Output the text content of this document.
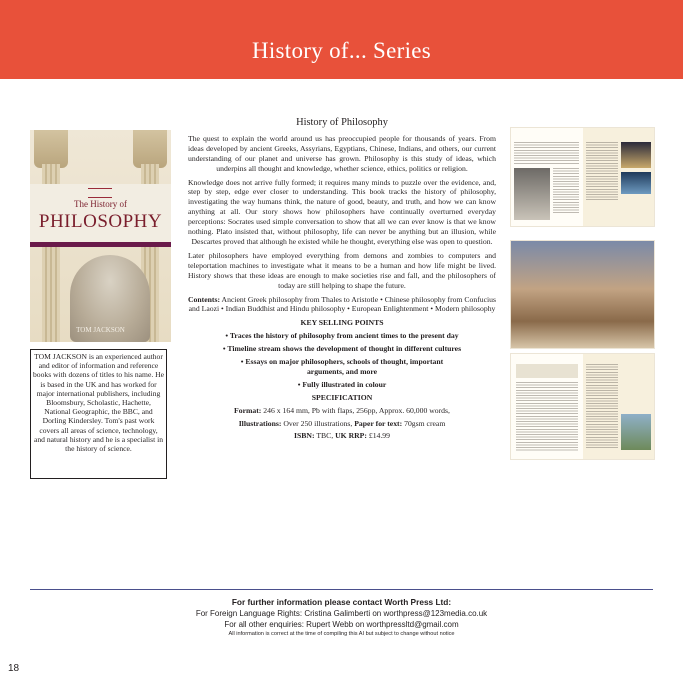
History of... Series
The History of
PHILOSOPHY
TOM JACKSON
TOM JACKSON is an experienced author and editor of information and reference books with dozens of titles to his name. He is based in the UK and has worked for major international publishers, including Bloomsbury, Scholastic, Hachette, National Geographic, the BBC, and Dorling Kindersley. Tom's past work covers all areas of science, technology, and natural history and he is a specialist in the history of science.
History of Philosophy

The quest to explain the world around us has preoccupied people for thousands of years. From ideas developed by ancient Greeks, Assyrians, Egyptians, Chinese, Indians, and others, our current understanding of our planet and universe has grown. Philosophy is this study of ideas, which underpins all thought and knowledge, whether science, ethics, politics or religion.

Knowledge does not arrive fully formed; it requires many minds to puzzle over the evidence, and, step by step, edge ever closer to understanding. This book tracks the history of philosophy, investigating the way humans think, the nature of good, beauty, and truth, and how we can know anything at all. Our story shows how philosophers have continually overturned everyday perceptions: Socrates used simple conversation to show that all we can ever know is that we know nothing. Plato insisted that, without philosophy, life can never be anything but an illusion, while Descartes proved that although he existed while he thought, everything else was open to question.

Later philosophers have employed everything from demons and zombies to computers and teleportation machines to investigate what it means to be a human and how life might be lived. History shows that these ideas are enough to make societies rise and fall, and the philosophers of today are still helping to shape the future.

Contents: Ancient Greek philosophy from Thales to Aristotle • Chinese philosophy from Confucius and Laozi • Indian Buddhist and Hindu philosophy • European Enlightenment • Modern philosophy

KEY SELLING POINTS
• Traces the history of philosophy from ancient times to the present day
• Timeline stream shows the development of thought in different cultures
• Essays on major philosophers, schools of thought, important arguments, and more
• Fully illustrated in colour
SPECIFICATION
Format: 246 x 164 mm, Pb with flaps, 256pp, Approx. 60,000 words,
Illustrations: Over 250 illustrations, Paper for text: 70gsm cream
ISBN: TBC, UK RRP: £14.99
For further information please contact Worth Press Ltd:
For Foreign Language Rights: Cristina Galimberti on worthpress@123media.co.uk
For all other enquiries: Rupert Webb on worthpressltd@gmail.com
All information is correct at the time of compiling this AI but subject to change without notice
18
